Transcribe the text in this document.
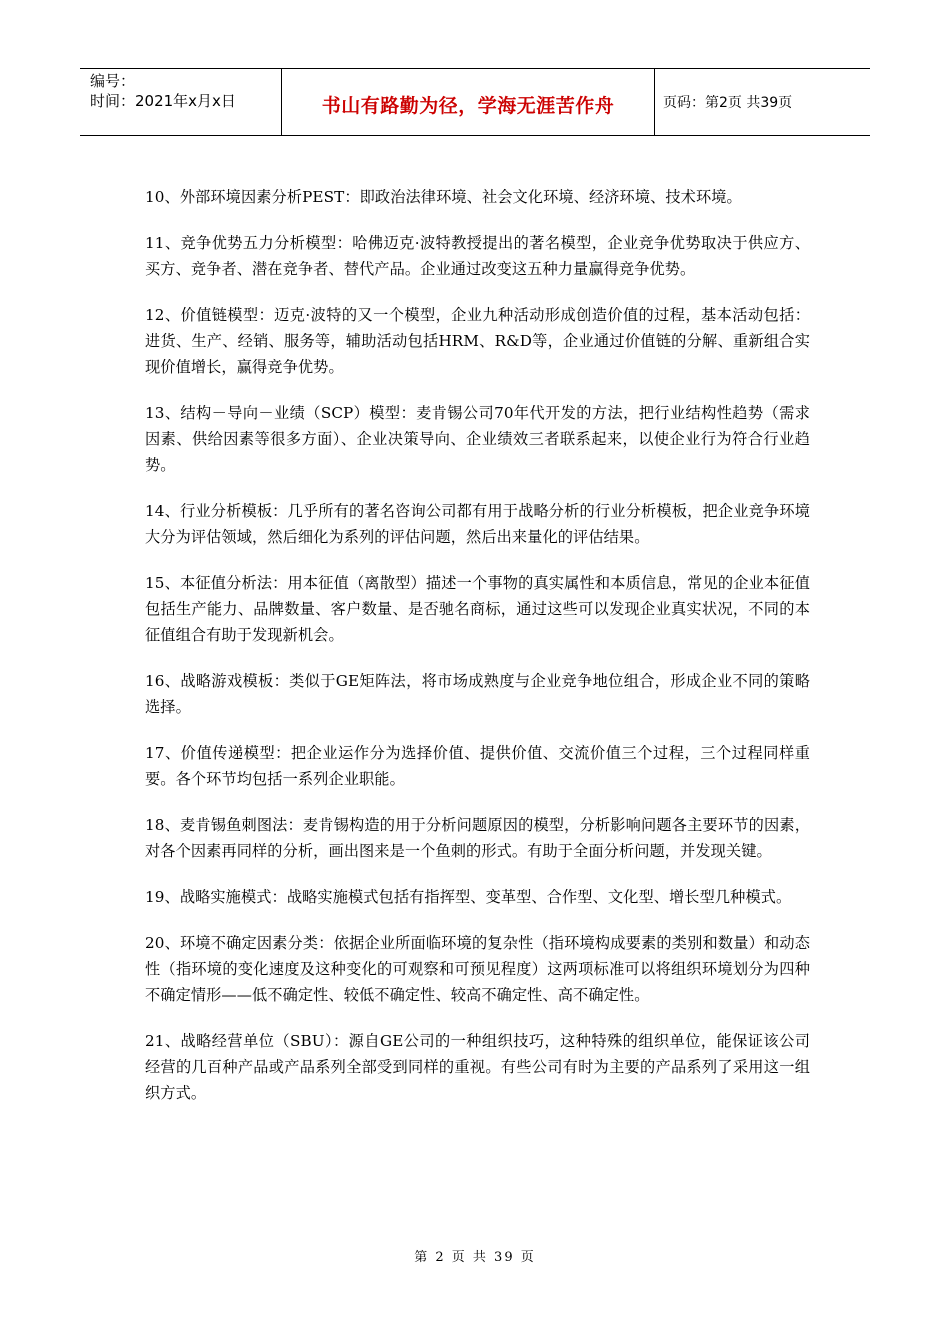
编号：
时间：2021年x月x日	书山有路勤为径，学海无涯苦作舟	页码：第2页 共39页

10、外部环境因素分析PEST：即政治法律环境、社会文化环境、经济环境、技术环境。

11、竞争优势五力分析模型：哈佛迈克·波特教授提出的著名模型，企业竞争优势取决于供应方、买方、竞争者、潜在竞争者、替代产品。企业通过改变这五种力量赢得竞争优势。

12、价值链模型：迈克·波特的又一个模型，企业九种活动形成创造价值的过程，基本活动包括：进货、生产、经销、服务等，辅助活动包括HRM、R&D等，企业通过价值链的分解、重新组合实现价值增长，赢得竞争优势。

13、结构－导向－业绩（SCP）模型：麦肯锡公司70年代开发的方法，把行业结构性趋势（需求因素、供给因素等很多方面）、企业决策导向、企业绩效三者联系起来，以使企业行为符合行业趋势。

14、行业分析模板：几乎所有的著名咨询公司都有用于战略分析的行业分析模板，把企业竞争环境大分为评估领域，然后细化为系列的评估问题，然后出来量化的评估结果。

15、本征值分析法：用本征值（离散型）描述一个事物的真实属性和本质信息，常见的企业本征值包括生产能力、品牌数量、客户数量、是否驰名商标，通过这些可以发现企业真实状况，不同的本征值组合有助于发现新机会。

16、战略游戏模板：类似于GE矩阵法，将市场成熟度与企业竞争地位组合，形成企业不同的策略选择。

17、价值传递模型：把企业运作分为选择价值、提供价值、交流价值三个过程，三个过程同样重要。各个环节均包括一系列企业职能。

18、麦肯锡鱼刺图法：麦肯锡构造的用于分析问题原因的模型，分析影响问题各主要环节的因素，对各个因素再同样的分析，画出图来是一个鱼刺的形式。有助于全面分析问题，并发现关键。

19、战略实施模式：战略实施模式包括有指挥型、变革型、合作型、文化型、增长型几种模式。

20、环境不确定因素分类：依据企业所面临环境的复杂性（指环境构成要素的类别和数量）和动态性（指环境的变化速度及这种变化的可观察和可预见程度）这两项标准可以将组织环境划分为四种不确定情形——低不确定性、较低不确定性、较高不确定性、高不确定性。

21、战略经营单位（SBU）：源自GE公司的一种组织技巧，这种特殊的组织单位，能保证该公司经营的几百种产品或产品系列全部受到同样的重视。有些公司有时为主要的产品系列了采用这一组织方式。

第 2 页 共 39 页
